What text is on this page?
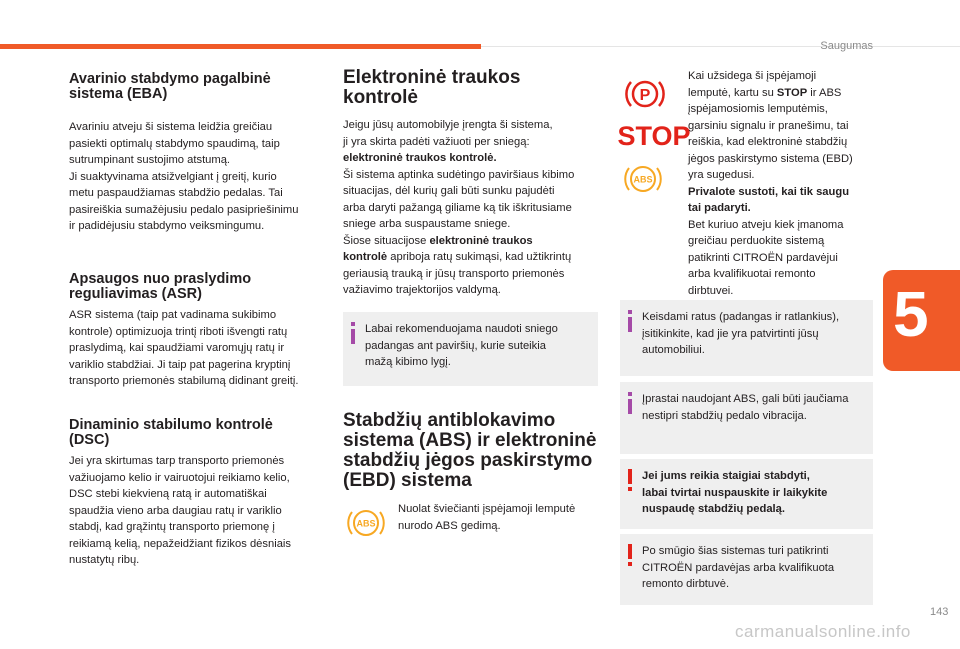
Saugumas
5
143
carmanualsonline.info
Avarinio stabdymo pagalbinė
sistema (EBA)

Avariniu atveju ši sistema leidžia greičiau
pasiekti optimalų stabdymo spaudimą, taip
sutrumpinant sustojimo atstumą.
Ji suaktyvinama atsižvelgiant į greitį, kurio
metu paspaudžiamas stabdžio pedalas. Tai
pasireiškia sumažėjusiu pedalo pasipriešinimu
ir padidėjusiu stabdymo veiksmingumu.

Apsaugos nuo praslydimo
reguliavimas (ASR)

ASR sistema (taip pat vadinama sukibimo
kontrole) optimizuoja trintį riboti išvengti ratų
praslydimą, kai spaudžiami varomųjų ratų ir
variklio stabdžiai. Ji taip pat pagerina kryptinį
transporto priemonės stabilumą didinant greitį.

Dinaminio stabilumo kontrolė
(DSC)

Jei yra skirtumas tarp transporto priemonės
važiuojamo kelio ir vairuotojui reikiamo kelio,
DSC stebi kiekvieną ratą ir automatiškai
spaudžia vieno arba daugiau ratų ir variklio
stabdį, kad grąžintų transporto priemonę į
reikiamą kelią, nepažeidžiant fizikos dėsniais
nustatytų ribų.

Elektroninė traukos
kontrolė

Jeigu jūsų automobilyje įrengta ši sistema,
ji yra skirta padėti važiuoti per sniegą:
elektroninė traukos kontrolė.
Ši sistema aptinka sudėtingo paviršiaus kibimo
situacijas, dėl kurių gali būti sunku pajudėti
arba daryti pažangą giliame ką tik iškritusiame
sniege arba suspaustame sniege.
Šiose situacijose elektroninė traukos
kontrolė apriboja ratų sukimąsi, kad užtikrintų
geriausią trauką ir jūsų transporto priemonės
važiavimo trajektorijos valdymą.

Labai rekomenduojama naudoti sniego
padangas ant paviršių, kurie suteikia
mažą kibimo lygį.

Stabdžių antiblokavimo
sistema (ABS) ir elektroninė
stabdžių jėgos paskirstymo
(EBD) sistema
ABS

Nuolat šviečianti įspėjamoji lemputė
nurodo ABS gedimą.

P
STOP
ABS

Kai užsidega ši įspėjamoji
lemputė, kartu su STOP ir ABS
įspėjamosiomis lemputėmis,
garsiniu signalu ir pranešimu, tai
reiškia, kad elektroninė stabdžių
jėgos paskirstymo sistema (EBD)
yra sugedusi.
Privalote sustoti, kai tik saugu
tai padaryti.
Bet kuriuo atveju kiek įmanoma
greičiau perduokite sistemą
patikrinti CITROËN pardavėjui
arba kvalifikuotai remonto
dirbtuvei.

Keisdami ratus (padangas ir ratlankius),
įsitikinkite, kad jie yra patvirtinti jūsų
automobiliui.

Įprastai naudojant ABS, gali būti jaučiama
nestipri stabdžių pedalo vibracija.

Jei jums reikia staigiai stabdyti,
labai tvirtai nuspauskite ir laikykite
nuspaudę stabdžių pedalą.

Po smūgio šias sistemas turi patikrinti
CITROËN pardavėjas arba kvalifikuota
remonto dirbtuvė.
